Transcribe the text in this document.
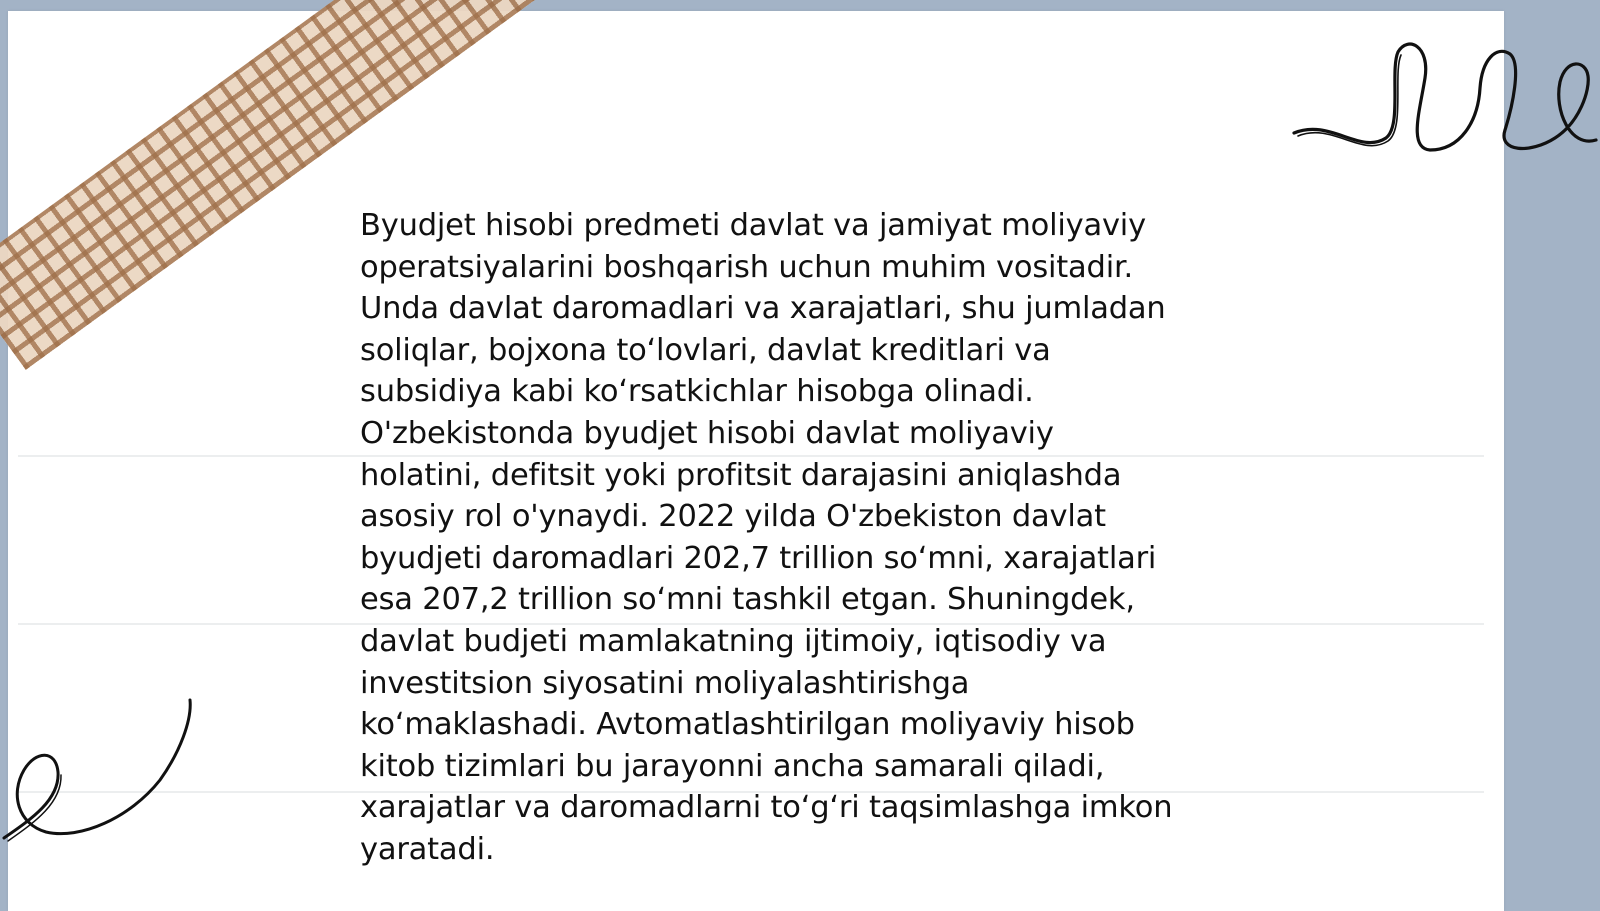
Byudjet hisobi predmeti davlat va jamiyat moliyaviy
operatsiyalarini boshqarish uchun muhim vositadir.
Unda davlat daromadlari va xarajatlari, shu jumladan
soliqlar, bojxona to‘lovlari, davlat kreditlari va
subsidiya kabi ko‘rsatkichlar hisobga olinadi.
O'zbekistonda byudjet hisobi davlat moliyaviy
holatini, defitsit yoki profitsit darajasini aniqlashda
asosiy rol o'ynaydi. 2022 yilda O'zbekiston davlat
byudjeti daromadlari 202,7 trillion so‘mni, xarajatlari
esa 207,2 trillion so‘mni tashkil etgan. Shuningdek,
davlat budjeti mamlakatning ijtimoiy, iqtisodiy va
investitsion siyosatini moliyalashtirishga
ko‘maklashadi. Avtomatlashtirilgan moliyaviy hisob
kitob tizimlari bu jarayonni ancha samarali qiladi,
xarajatlar va daromadlarni to‘g‘ri taqsimlashga imkon
yaratadi.
